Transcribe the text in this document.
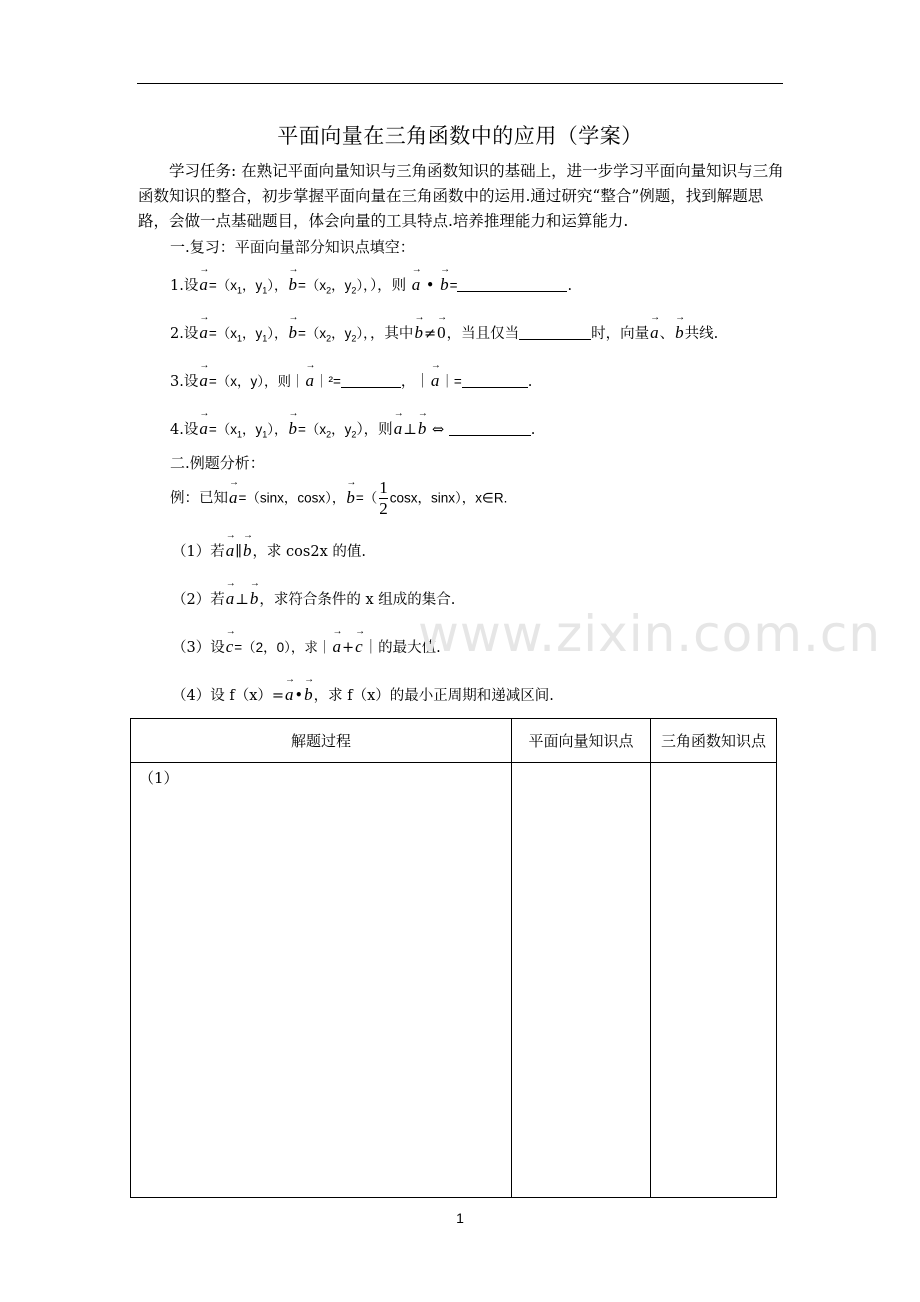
平面向量在三角函数中的应用（学案）
学习任务: 在熟记平面向量知识与三角函数知识的基础上，进一步学习平面向量知识与三角函数知识的整合，初步掌握平面向量在三角函数中的运用.通过研究“整合”例题，找到解题思路，会做一点基础题目，体会向量的工具特点.培养推理能力和运算能力.
一.复习：平面向量部分知识点填空：
1.设
→
$a=(x_1$，$y_1$），
→
$b=(x_2$，$y_2$），），则
→
a •
→
b=	.
2.设
→
$a=(x_1$，$y_1$），
→
$b=(x_2$，$y_2$），，其中
→
b≠
→
0，当且仅当	时，向量
→
a、
→
b共线.
3.设
→
a=（x，y），则｜
→
a｜²=	，｜
→
a｜=	.
4.设
→
$a=(x_1$，$y_1$），
→
$b=(x_2$，$y_2$），则
→
a⊥
→
b ⇔	.
二.例题分析：
例：已知
→
a=（sinx，cosx），
→
$b=( \frac{1}{2}$ cosx，sinx），x∈R.
（1）若
→
a∥
→
b，求 cos2x 的值.
（2）若
→
a⊥
→
b，求符合条件的 x 组成的集合.
（3）设
→
c=（2，0），求｜
→
a+
→
c｜的最大值.
（4）设 f（x）=
→
a•
→
b，求 f（x）的最小正周期和递减区间.
www.zixin.com.cn
解题过程	平面向量知识点	三角函数知识点
（1）		
1
